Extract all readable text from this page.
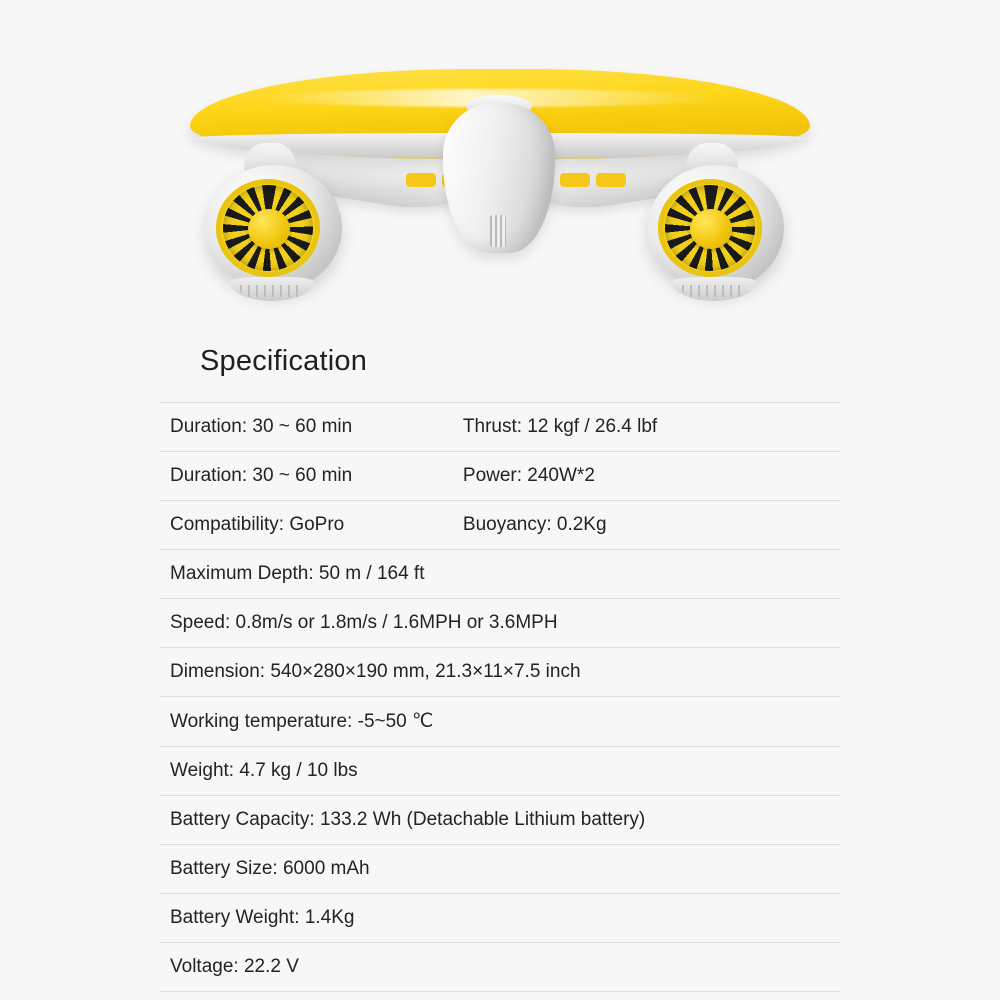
Specification
Duration: 30 ~ 60 min	Thrust: 12 kgf / 26.4 lbf
Duration: 30 ~ 60 min	Power: 240W*2
Compatibility: GoPro	Buoyancy: 0.2Kg
Maximum Depth: 50 m / 164 ft	
Speed: 0.8m/s or 1.8m/s / 1.6MPH or 3.6MPH	
Dimension: 540×280×190 mm, 21.3×11×7.5 inch	
Working temperature: -5~50 ℃	
Weight: 4.7 kg / 10 lbs	
Battery Capacity: 133.2 Wh (Detachable Lithium battery)	
Battery Size: 6000 mAh	
Battery Weight: 1.4Kg	
Voltage: 22.2 V	
